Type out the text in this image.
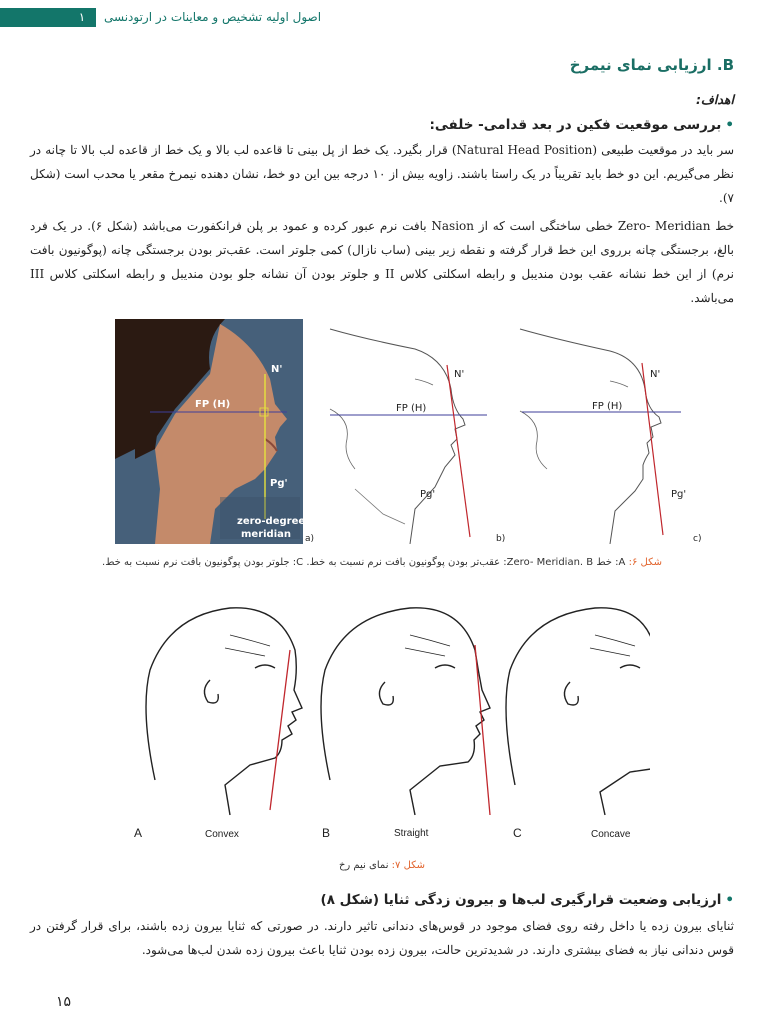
۱	اصول اولیه تشخیص و معاینات در ارتودنسی
B. ارزیابی نمای نیمرخ
اهداف:
•بررسی موقعیت فکین در بعد قدامی- خلفی:
سر باید در موقعیت طبیعی (Natural Head Position) قرار بگیرد. یک خط از پل بینی تا قاعده لب بالا و یک خط از قاعده لب بالا تا چانه در نظر می‌گیریم. این دو خط باید تقریباً در یک راستا باشند. زاویه بیش از ۱۰ درجه بین این دو خط، نشان دهنده نیمرخ مقعر یا محدب است (شکل ۷).
خط Zero- Meridian خطی ساختگی است که از Nasion بافت نرم عبور کرده و عمود بر پلن فرانکفورت می‌باشد (شکل ۶). در یک فرد بالغ، برجستگی چانه برروی این خط قرار گرفته و نقطه زیر بینی (ساب نازال) کمی جلوتر است. عقب‌تر بودن برجستگی چانه (پوگونیون بافت نرم) از این خط نشانه عقب بودن مندیبل و رابطه اسکلتی کلاس II و جلوتر بودن آن نشانه جلو بودن مندیبل و رابطه اسکلتی کلاس III می‌باشد.
N'
FP (H)
Pg'
zero-degree
meridian a)
N'
FP (H)
Pg'
b)
N'
FP (H)
Pg'
c)
شکل ۶: A: خط Zero- Meridian. B: عقب‌تر بودن پوگونیون بافت نرم نسبت به خط. C: جلوتر بودن پوگونیون بافت نرم نسبت به خط.
A	Convex	B	Straight	C	Concave
شکل ۷: نمای نیم رخ
•ارزیابی وضعیت قرارگیری لب‌ها و بیرون زدگی ثنایا (شکل ۸)
ثنایای بیرون زده یا داخل رفته روی فضای موجود در قوس‌های دندانی تاثیر دارند. در صورتی که ثنایا بیرون زده باشند، برای قرار گرفتن در قوس دندانی نیاز به فضای بیشتری دارند. در شدیدترین حالت، بیرون زده بودن ثنایا باعث بیرون زده شدن لب‌ها می‌شود.
۱۵
